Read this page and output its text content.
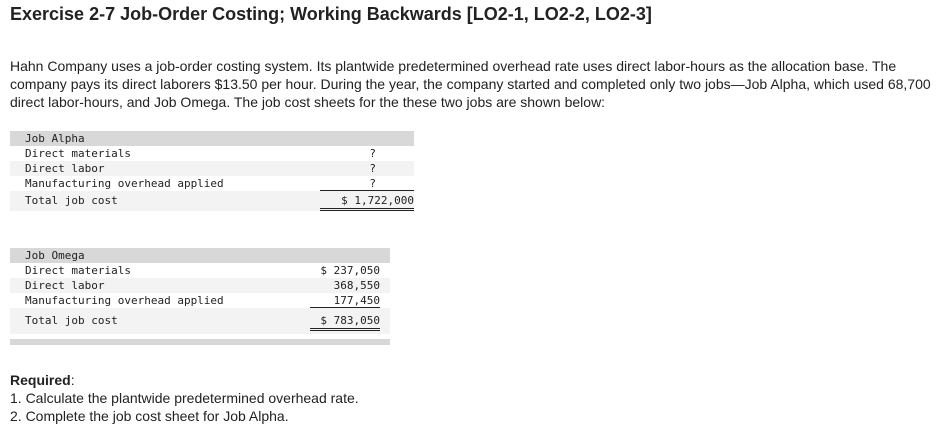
Exercise 2-7 Job-Order Costing; Working Backwards [LO2-1, LO2-2, LO2-3]
Hahn Company uses a job-order costing system. Its plantwide predetermined overhead rate uses direct labor-hours as the allocation base. The company pays its direct laborers $13.50 per hour. During the year, the company started and completed only two jobs—Job Alpha, which used 68,700 direct labor-hours, and Job Omega. The job cost sheets for the these two jobs are shown below:
Job Alpha
Direct materials	?
Direct labor	?
Manufacturing overhead applied	?
Total job cost	$ 1,722,000
Job Omega
Direct materials	$ 237,050
Direct labor	368,550
Manufacturing overhead applied	177,450
Total job cost	$ 783,050
Required:
1. Calculate the plantwide predetermined overhead rate.
2. Complete the job cost sheet for Job Alpha.
